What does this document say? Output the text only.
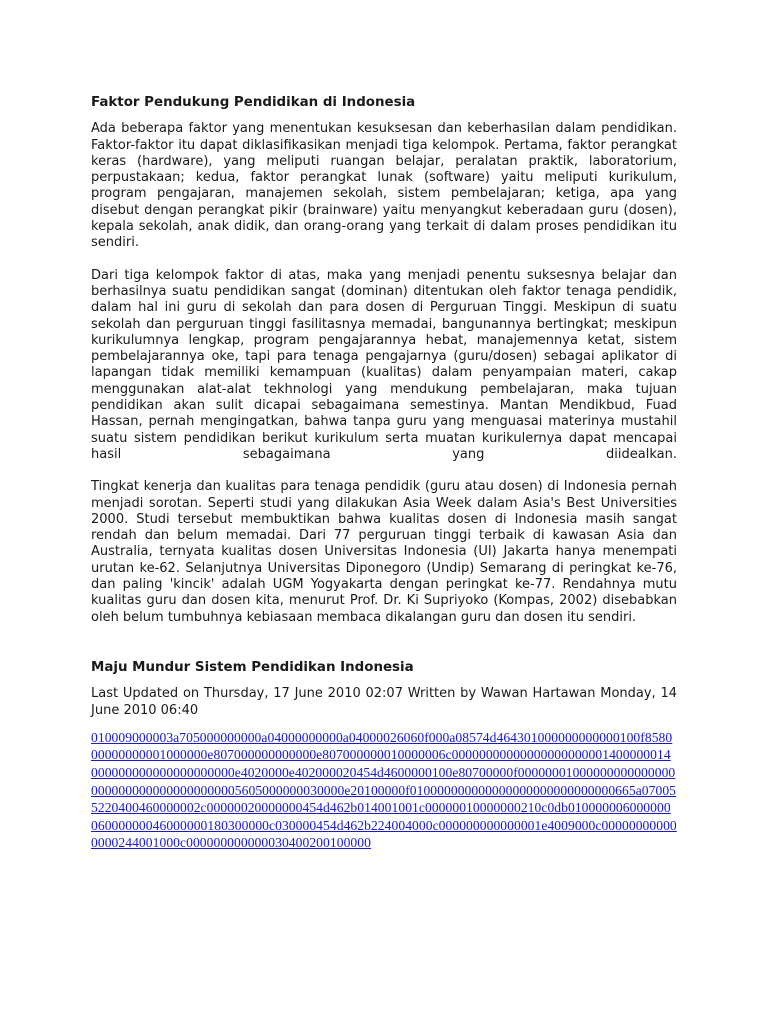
Faktor Pendukung Pendidikan di Indonesia

Ada beberapa faktor yang menentukan kesuksesan dan keberhasilan dalam pendidikan. Faktor-faktor itu dapat diklasifikasikan menjadi tiga kelompok. Pertama, faktor perangkat keras (hardware), yang meliputi ruangan belajar, peralatan praktik, laboratorium, perpustakaan; kedua, faktor perangkat lunak (software) yaitu meliputi kurikulum, program pengajaran, manajemen sekolah, sistem pembelajaran; ketiga, apa yang disebut dengan perangkat pikir (brainware) yaitu menyangkut keberadaan guru (dosen), kepala sekolah, anak didik, dan orang-orang yang terkait di dalam proses pendidikan itu sendiri.

Dari tiga kelompok faktor di atas, maka yang menjadi penentu suksesnya belajar dan berhasilnya suatu pendidikan sangat (dominan) ditentukan oleh faktor tenaga pendidik, dalam hal ini guru di sekolah dan para dosen di Perguruan Tinggi. Meskipun di suatu sekolah dan perguruan tinggi fasilitasnya memadai, bangunannya bertingkat; meskipun kurikulumnya lengkap, program pengajarannya hebat, manajemennya ketat, sistem pembelajarannya oke, tapi para tenaga pengajarnya (guru/dosen) sebagai aplikator di lapangan tidak memiliki kemampuan (kualitas) dalam penyampaian materi, cakap menggunakan alat-alat tekhnologi yang mendukung pembelajaran, maka tujuan pendidikan akan sulit dicapai sebagaimana semestinya. Mantan Mendikbud, Fuad Hassan, pernah mengingatkan, bahwa tanpa guru yang menguasai materinya mustahil suatu sistem pendidikan berikut kurikulum serta muatan kurikulernya dapat mencapai hasil sebagaimana yang diidealkan.

Tingkat kenerja dan kualitas para tenaga pendidik (guru atau dosen) di Indonesia pernah menjadi sorotan. Seperti studi yang dilakukan Asia Week dalam Asia's Best Universities 2000. Studi tersebut membuktikan bahwa kualitas dosen di Indonesia masih sangat rendah dan belum memadai. Dari 77 perguruan tinggi terbaik di kawasan Asia dan Australia, ternyata kualitas dosen Universitas Indonesia (UI) Jakarta hanya menempati urutan ke-62. Selanjutnya Universitas Diponegoro (Undip) Semarang di peringkat ke-76, dan paling 'kincik' adalah UGM Yogyakarta dengan peringkat ke-77. Rendahnya mutu kualitas guru dan dosen kita, menurut Prof. Dr. Ki Supriyoko (Kompas, 2002) disebabkan oleh belum tumbuhnya kebiasaan membaca dikalangan guru dan dosen itu sendiri.

Maju Mundur Sistem Pendidikan Indonesia

Last Updated on Thursday, 17 June 2010 02:07 Written by Wawan Hartawan Monday, 14 June 2010 06:40

010009000003a705000000000a04000000000a04000026060f000a08574d464301000000000000100f858000000000001000000e807000000000000e807000000010000006c00000000000000000000001400000014000000000000000000000e4020000e402000020454d4600000100e80700000f000000010000000000000000000000000000000000005605000000030000e20100000f010000000000000000000000000000665a070055220400460000002c00000020000000454d462b014001001c00000010000000210c0db01000000600000006000000046000000180300000c030000454d462b224004000c000000000000001e4009000c000000000000000244001000c000000000000030400200100000
